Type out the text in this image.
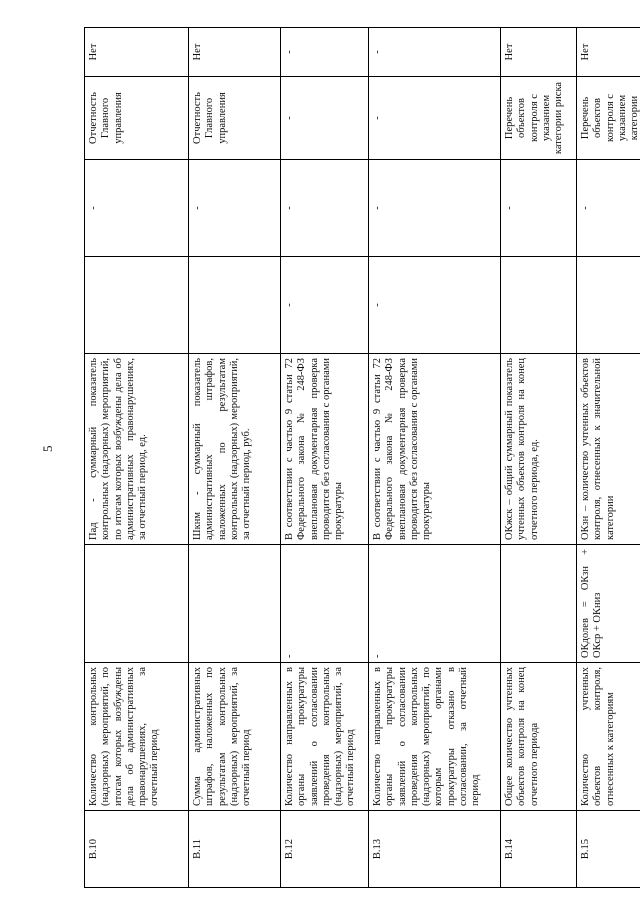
5
В.10	Количество контрольных (надзорных) мероприятий, по итогам которых возбуждены дела об административных правонарушениях, за отчетный период		Пад - суммарный показатель контрольных (надзорных) мероприятий, по итогам которых возбуждены дела об административных правонарушениях, за отчетный период, ед.		-	Отчетность Главного управления	Нет
В.11	Сумма административных штрафов, наложенных по результатам контрольных (надзорных) мероприятий, за отчетный период		Шкнм - суммарный показатель административных штрафов, наложенных по результатам контрольных (надзорных) мероприятий, за отчетный период, руб.		-	Отчетность Главного управления	Нет
В.12	Количество направленных в органы прокуратуры заявлений о согласовании проведения контрольных (надзорных) мероприятий, за отчетный период	-	В соответствии с частью 9 статьи 72 Федерального закона № 248-ФЗ внеплановая документарная проверка проводится без согласования с органами прокуратуры	-	-	-	-
В.13	Количество направленных в органы прокуратуры заявлений о согласовании проведения контрольных (надзорных) мероприятий, по которым органами прокуратуры отказано в согласовании, за отчетный период	-	В соответствии с частью 9 статьи 72 Федерального закона № 248-ФЗ внеплановая документарная проверка проводится без согласования с органами прокуратуры	-	-	-	-
В.14	Общее количество учтенных объектов контроля на конец отчетного периода		ОКжск – общий суммарный показатель учтенных объектов контроля на конец отчетного периода, ед.		-	Перечень объектов контроля с указанием категории риска	Нет
В.15	Количество учтенных объектов контроля, отнесенных к категориям	ОКдолев = ОКзн + ОКср + ОКниз	ОКзн – количество учтенных объектов контроля, отнесенных к значительной категории		-	Перечень объектов контроля с указанием категории	Нет
